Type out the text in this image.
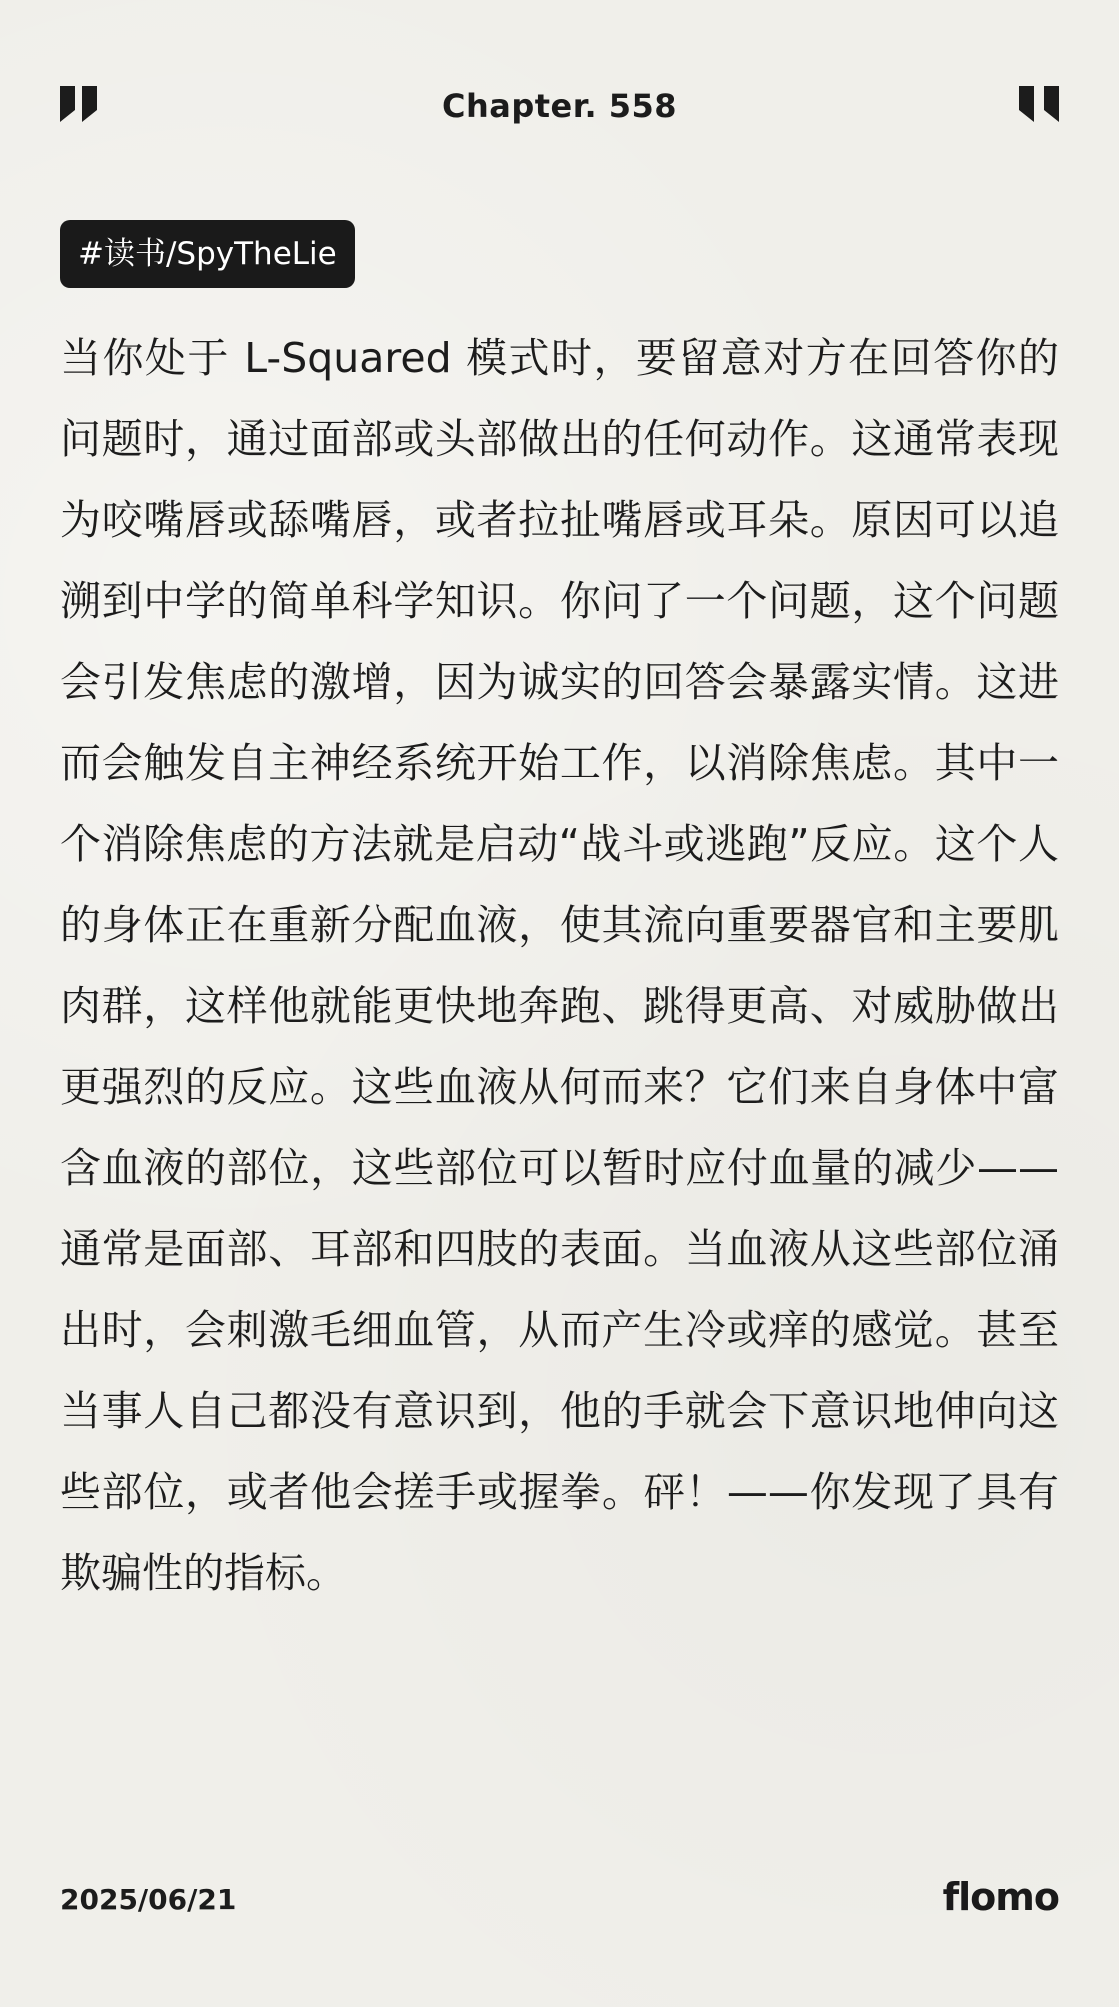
Chapter. 558
#读书/SpyTheLie

当你处于 L-Squared 模式时，要留意对方在回答你的问题时，通过面部或头部做出的任何动作。这通常表现为咬嘴唇或舔嘴唇，或者拉扯嘴唇或耳朵。原因可以追溯到中学的简单科学知识。你问了一个问题，这个问题会引发焦虑的激增，因为诚实的回答会暴露实情。这进而会触发自主神经系统开始工作，以消除焦虑。其中一个消除焦虑的方法就是启动“战斗或逃跑”反应。这个人的身体正在重新分配血液，使其流向重要器官和主要肌肉群，这样他就能更快地奔跑、跳得更高、对威胁做出更强烈的反应。这些血液从何而来？它们来自身体中富含血液的部位，这些部位可以暂时应付血量的减少——通常是面部、耳部和四肢的表面。当血液从这些部位涌出时，会刺激毛细血管，从而产生冷或痒的感觉。甚至当事人自己都没有意识到，他的手就会下意识地伸向这些部位，或者他会搓手或握拳。砰！——你发现了具有欺骗性的指标。

2025/06/21	flomo
